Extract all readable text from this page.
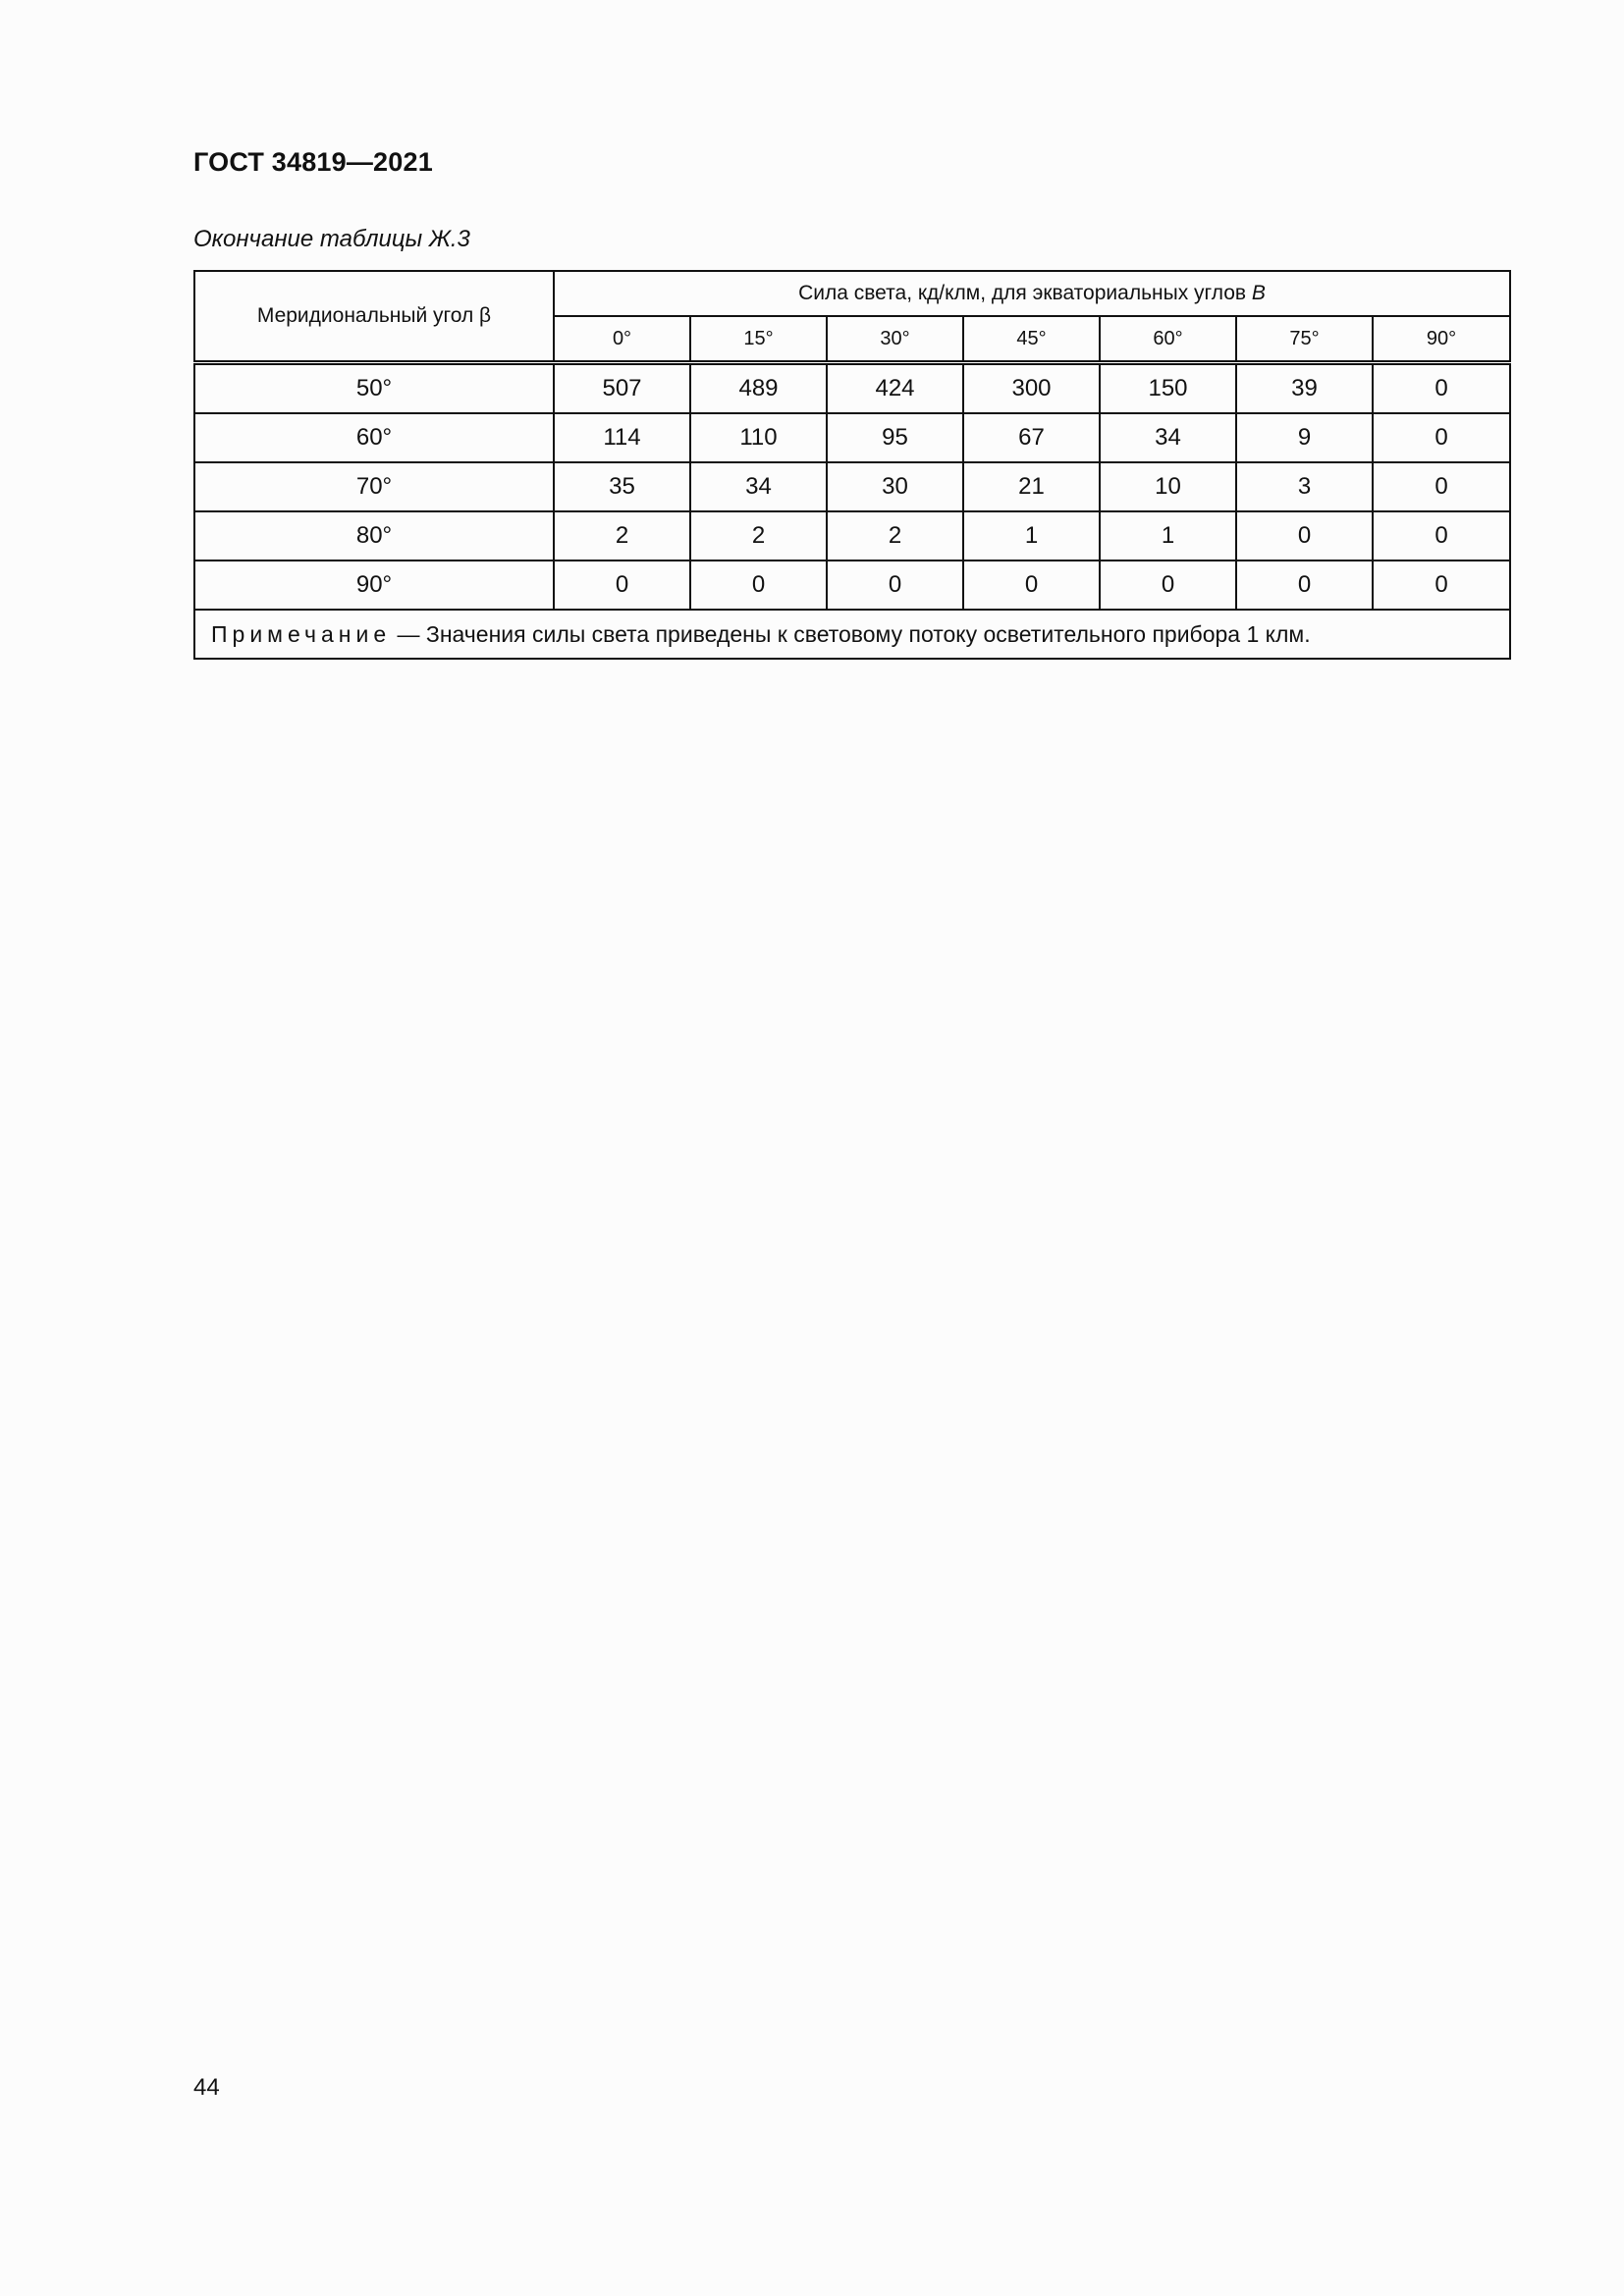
ГОСТ 34819—2021
Окончание таблицы Ж.3
Меридиональный угол β	Сила света, кд/клм, для экваториальных углов B						
	0°	15°	30°	45°	60°	75°	90°
50°	507	489	424	300	150	39	0
60°	114	110	95	67	34	9	0
70°	35	34	30	21	10	3	0
80°	2	2	2	1	1	0	0
90°	0	0	0	0	0	0	0
Примечание — Значения силы света приведены к световому потоку осветительного прибора 1 клм.							
44
